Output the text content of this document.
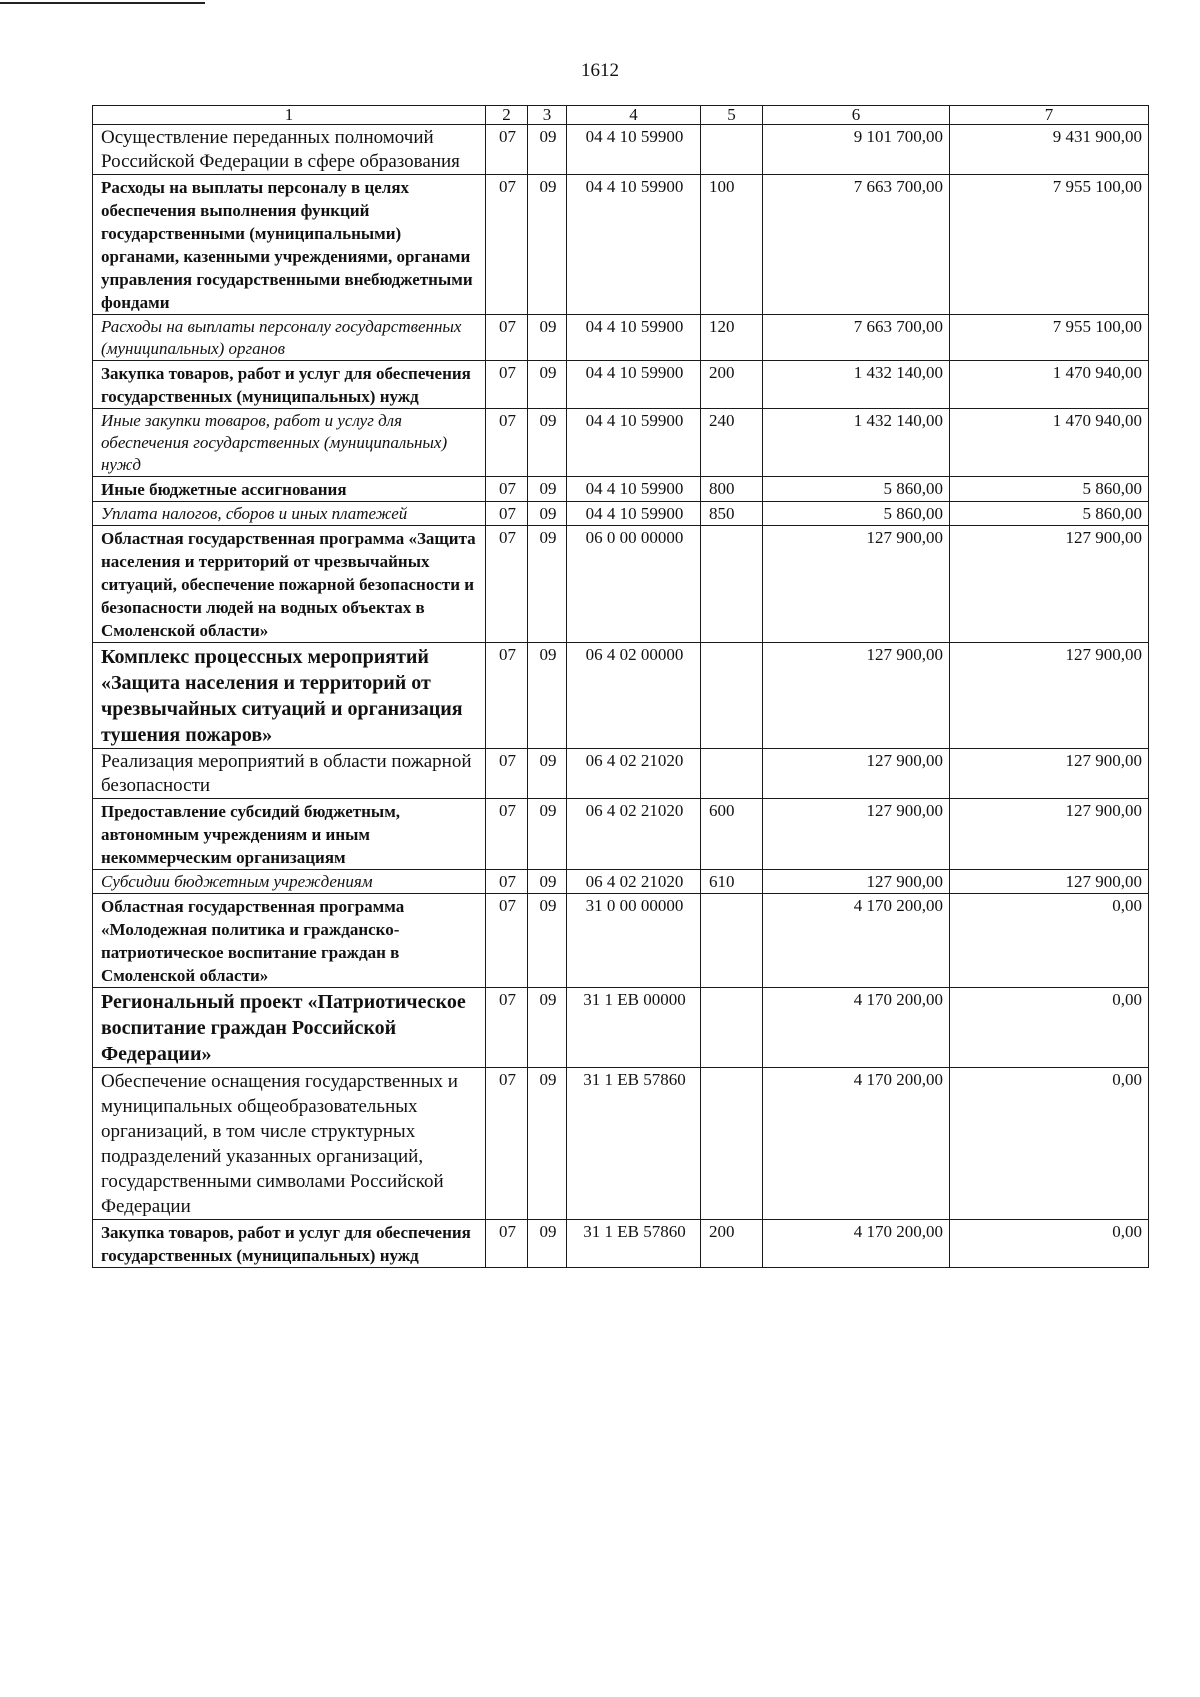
1612
1	2	3	4	5	6	7
Осуществление переданных полномочий Российской Федерации в сфере образования	07	09	04 4 10 59900		9 101 700,00	9 431 900,00
Расходы на выплаты персоналу в целях обеспечения выполнения функций государственными (муниципальными) органами, казенными учреждениями, органами управления государственными внебюджетными фондами	07	09	04 4 10 59900	100	7 663 700,00	7 955 100,00
Расходы на выплаты персоналу государственных (муниципальных) органов	07	09	04 4 10 59900	120	7 663 700,00	7 955 100,00
Закупка товаров, работ и услуг для обеспечения государственных (муниципальных) нужд	07	09	04 4 10 59900	200	1 432 140,00	1 470 940,00
Иные закупки товаров, работ и услуг для обеспечения государственных (муниципальных) нужд	07	09	04 4 10 59900	240	1 432 140,00	1 470 940,00
Иные бюджетные ассигнования	07	09	04 4 10 59900	800	5 860,00	5 860,00
Уплата налогов, сборов и иных платежей	07	09	04 4 10 59900	850	5 860,00	5 860,00
Областная государственная программа «Защита населения и территорий от чрезвычайных ситуаций, обеспечение пожарной безопасности и безопасности людей на водных объектах в Смоленской области»	07	09	06 0 00 00000		127 900,00	127 900,00
Комплекс процессных мероприятий «Защита населения и территорий от чрезвычайных ситуаций и организация тушения пожаров»	07	09	06 4 02 00000		127 900,00	127 900,00
Реализация мероприятий в области пожарной безопасности	07	09	06 4 02 21020		127 900,00	127 900,00
Предоставление субсидий бюджетным, автономным учреждениям и иным некоммерческим организациям	07	09	06 4 02 21020	600	127 900,00	127 900,00
Субсидии бюджетным учреждениям	07	09	06 4 02 21020	610	127 900,00	127 900,00
Областная государственная программа «Молодежная политика и гражданско-патриотическое воспитание граждан в Смоленской области»	07	09	31 0 00 00000		4 170 200,00	0,00
Региональный проект «Патриотическое воспитание граждан Российской Федерации»	07	09	31 1 ЕВ 00000		4 170 200,00	0,00
Обеспечение оснащения государственных и муниципальных общеобразовательных организаций, в том числе структурных подразделений указанных организаций, государственными символами Российской Федерации	07	09	31 1 ЕВ 57860		4 170 200,00	0,00
Закупка товаров, работ и услуг для обеспечения государственных (муниципальных) нужд	07	09	31 1 ЕВ 57860	200	4 170 200,00	0,00
